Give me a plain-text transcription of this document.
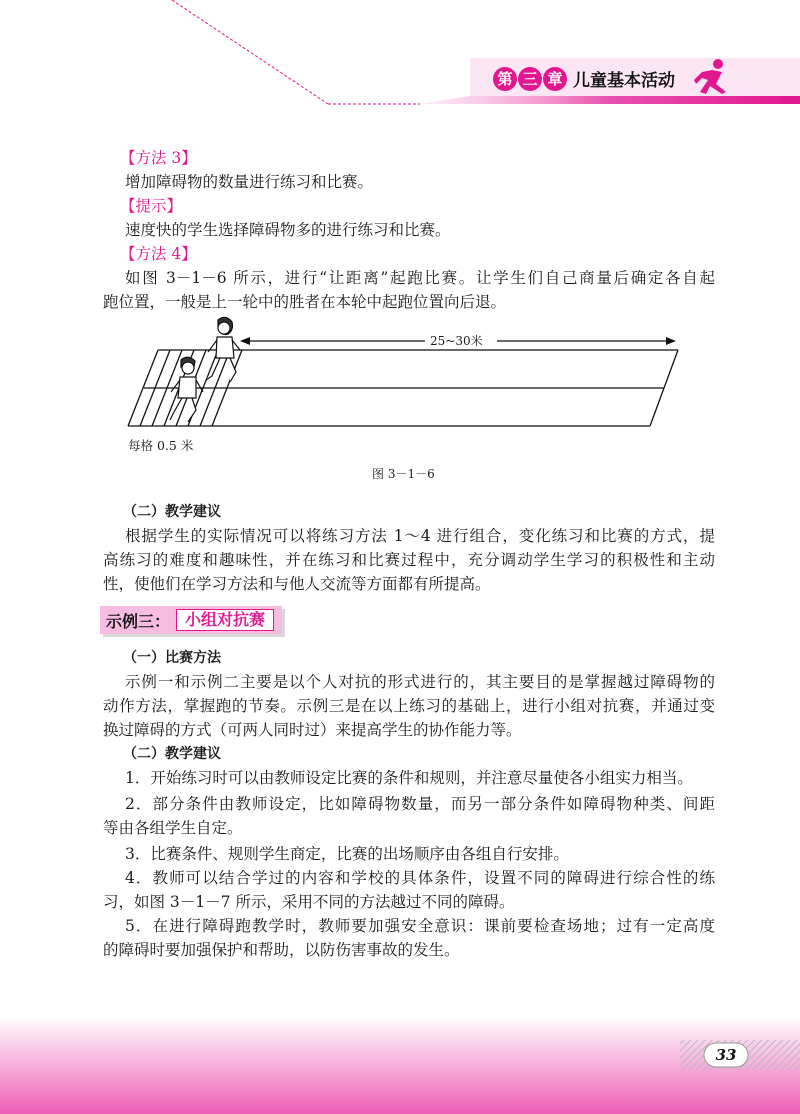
第 三 章 儿童基本活动
【方法 3】
增加障碍物的数量进行练习和比赛。
【提示】
速度快的学生选择障碍物多的进行练习和比赛。
【方法 4】
如图 3－1－6 所示，进行“让距离”起跑比赛。让学生们自己商量后确定各自起
跑位置，一般是上一轮中的胜者在本轮中起跑位置向后退。
25~30米
每格 0.5 米
图 3－1－6
（二）教学建议
根据学生的实际情况可以将练习方法 1～4 进行组合，变化练习和比赛的方式，提
高练习的难度和趣味性，并在练习和比赛过程中，充分调动学生学习的积极性和主动
性，使他们在学习方法和与他人交流等方面都有所提高。
示例三： 小组对抗赛
（一）比赛方法
示例一和示例二主要是以个人对抗的形式进行的，其主要目的是掌握越过障碍物的
动作方法，掌握跑的节奏。示例三是在以上练习的基础上，进行小组对抗赛，并通过变
换过障碍的方式（可两人同时过）来提高学生的协作能力等。
（二）教学建议
1．开始练习时可以由教师设定比赛的条件和规则，并注意尽量使各小组实力相当。
2．部分条件由教师设定，比如障碍物数量，而另一部分条件如障碍物种类、间距
等由各组学生自定。
3．比赛条件、规则学生商定，比赛的出场顺序由各组自行安排。
4．教师可以结合学过的内容和学校的具体条件，设置不同的障碍进行综合性的练
习，如图 3－1－7 所示，采用不同的方法越过不同的障碍。
5．在进行障碍跑教学时，教师要加强安全意识：课前要检查场地；过有一定高度
的障碍时要加强保护和帮助，以防伤害事故的发生。
33
